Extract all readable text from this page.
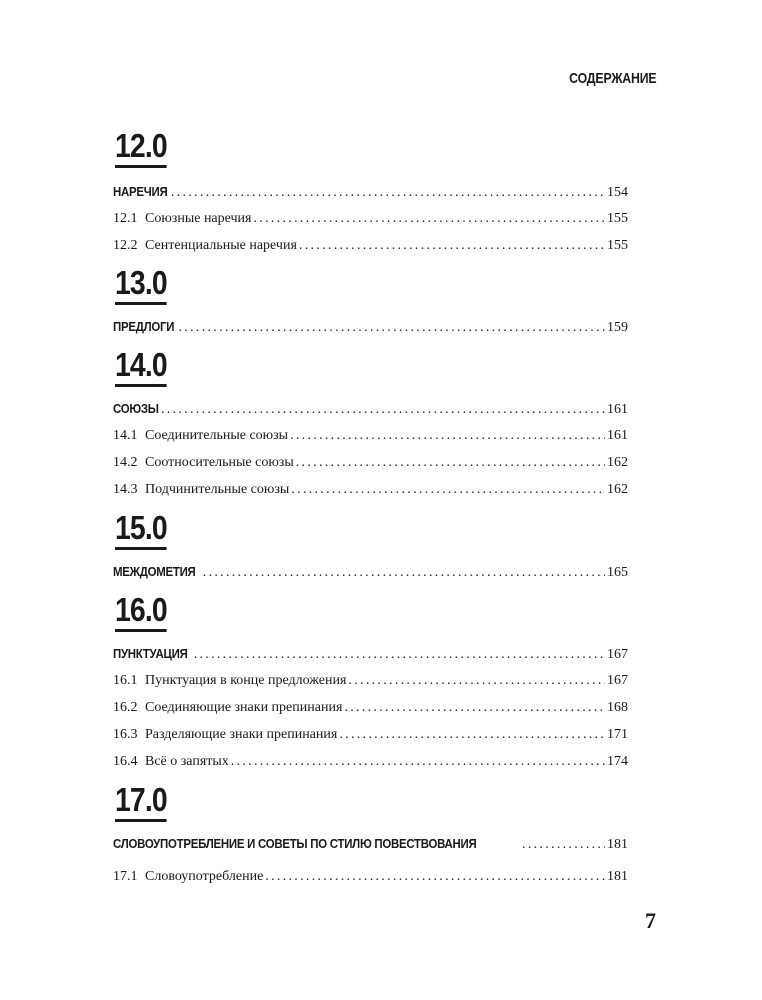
СОДЕРЖАНИЕ
12.0
НАРЕЧИЯ . . .	154
12.1 Союзные наречия . . .	155
12.2 Сентенциальные наречия . . .	155
13.0
ПРЕДЛОГИ . . .	159
14.0
СОЮЗЫ . . .	161
14.1 Соединительные союзы . . .	161
14.2 Соотносительные союзы . . .	162
14.3 Подчинительные союзы . . .	162
15.0
МЕЖДОМЕТИЯ . . .	165
16.0
ПУНКТУАЦИЯ . . .	167
16.1 Пунктуация в конце предложения . . .	167
16.2 Соединяющие знаки препинания . . .	168
16.3 Разделяющие знаки препинания . . .	171
16.4 Всё о запятых . . .	174
17.0
СЛОВОУПОТРЕБЛЕНИЕ И СОВЕТЫ ПО СТИЛЮ ПОВЕСТВОВАНИЯ . . .	181
17.1 Словоупотребление . . .	181
7
